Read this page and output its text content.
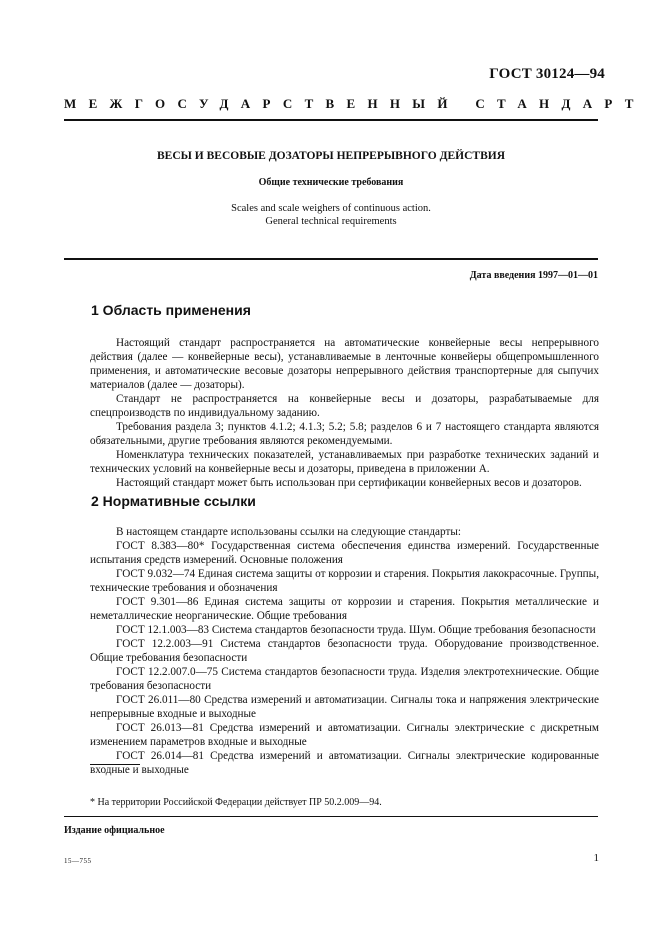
ГОСТ 30124—94
МЕЖГОСУДАРСТВЕННЫЙ СТАНДАРТ
ВЕСЫ И ВЕСОВЫЕ ДОЗАТОРЫ НЕПРЕРЫВНОГО ДЕЙСТВИЯ
Общие технические требования
Scales and scale weighers of continuous action.
General technical requirements
Дата введения 1997—01—01
1 Область применения

Настоящий стандарт распространяется на автоматические конвейерные весы непрерывного действия (далее — конвейерные весы), устанавливаемые в ленточные конвейеры общепромышленного применения, и автоматические весовые дозаторы непрерывного действия транспортерные для сыпучих материалов (далее — дозаторы).

Стандарт не распространяется на конвейерные весы и дозаторы, разрабатываемые для спецпроизводств по индивидуальному заданию.

Требования раздела 3; пунктов 4.1.2; 4.1.3; 5.2; 5.8; разделов 6 и 7 настоящего стандарта являются обязательными, другие требования являются рекомендуемыми.

Номенклатура технических показателей, устанавливаемых при разработке технических заданий и технических условий на конвейерные весы и дозаторы, приведена в приложении А.

Настоящий стандарт может быть использован при сертификации конвейерных весов и дозаторов.

2 Нормативные ссылки

В настоящем стандарте использованы ссылки на следующие стандарты:

ГОСТ 8.383—80* Государственная система обеспечения единства измерений. Государственные испытания средств измерений. Основные положения

ГОСТ 9.032—74 Единая система защиты от коррозии и старения. Покрытия лакокрасочные. Группы, технические требования и обозначения

ГОСТ 9.301—86 Единая система защиты от коррозии и старения. Покрытия металлические и неметаллические неорганические. Общие требования

ГОСТ 12.1.003—83 Система стандартов безопасности труда. Шум. Общие требования безопасности

ГОСТ 12.2.003—91 Система стандартов безопасности труда. Оборудование производственное. Общие требования безопасности

ГОСТ 12.2.007.0—75 Система стандартов безопасности труда. Изделия электротехнические. Общие требования безопасности

ГОСТ 26.011—80 Средства измерений и автоматизации. Сигналы тока и напряжения электрические непрерывные входные и выходные

ГОСТ 26.013—81 Средства измерений и автоматизации. Сигналы электрические с дискретным изменением параметров входные и выходные

ГОСТ 26.014—81 Средства измерений и автоматизации. Сигналы электрические кодированные входные и выходные

* На территории Российской Федерации действует ПР 50.2.009—94.
Издание официальное
15—755	1
